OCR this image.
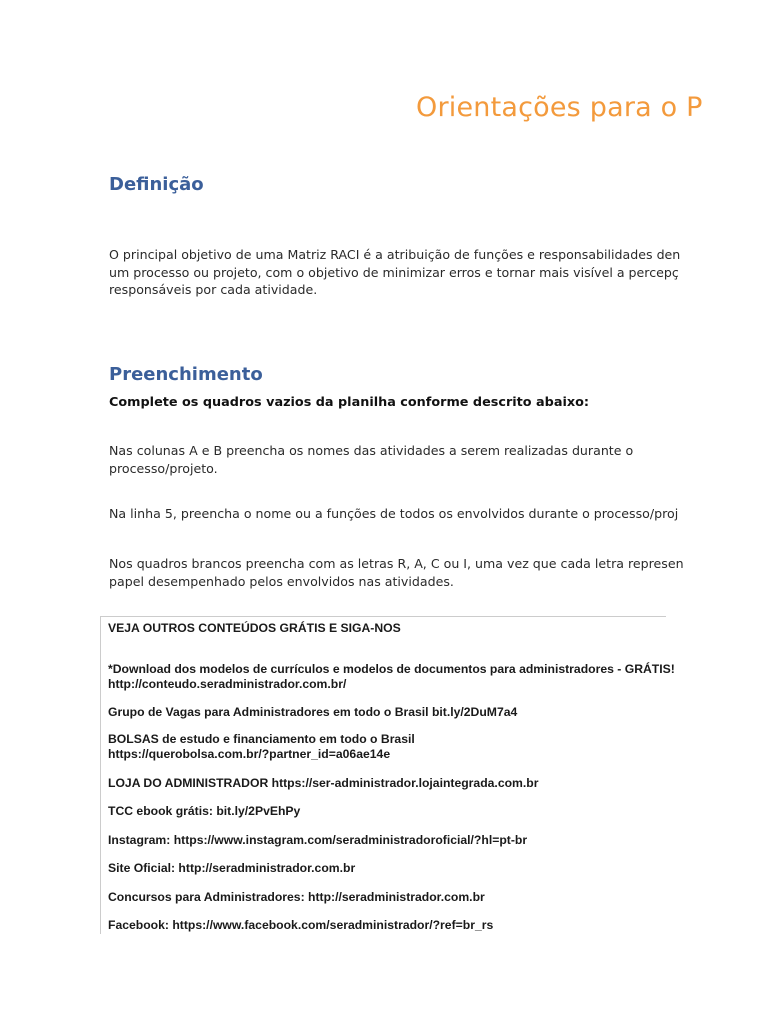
Orientações para o P
Definição
O principal objetivo de uma Matriz RACI é a atribuição de funções e responsabilidades den
um processo ou projeto, com o objetivo de minimizar erros e tornar mais visível a percepç
responsáveis por cada atividade.
Preenchimento
Complete os quadros vazios da planilha conforme descrito abaixo:
Nas colunas A e B preencha os nomes das atividades a serem realizadas durante o
processo/projeto.
Na linha 5, preencha o nome ou a funções de todos os envolvidos durante o processo/proj
Nos quadros brancos preencha com as letras R, A, C ou I, uma vez que cada letra represen
papel desempenhado pelos envolvidos nas atividades.
VEJA OUTROS CONTEÚDOS GRÁTIS E SIGA-NOS
*Download dos modelos de currículos e modelos de documentos para administradores - GRÁTIS!
http://conteudo.seradministrador.com.br/
Grupo de Vagas para Administradores em todo o Brasil bit.ly/2DuM7a4
BOLSAS de estudo e financiamento em todo o Brasil
https://querobolsa.com.br/?partner_id=a06ae14e
LOJA DO ADMINISTRADOR https://ser-administrador.lojaintegrada.com.br
TCC ebook grátis: bit.ly/2PvEhPy
Instagram: https://www.instagram.com/seradministradoroficial/?hl=pt-br
Site Oficial: http://seradministrador.com.br
Concursos para Administradores: http://seradministrador.com.br
Facebook: https://www.facebook.com/seradministrador/?ref=br_rs
